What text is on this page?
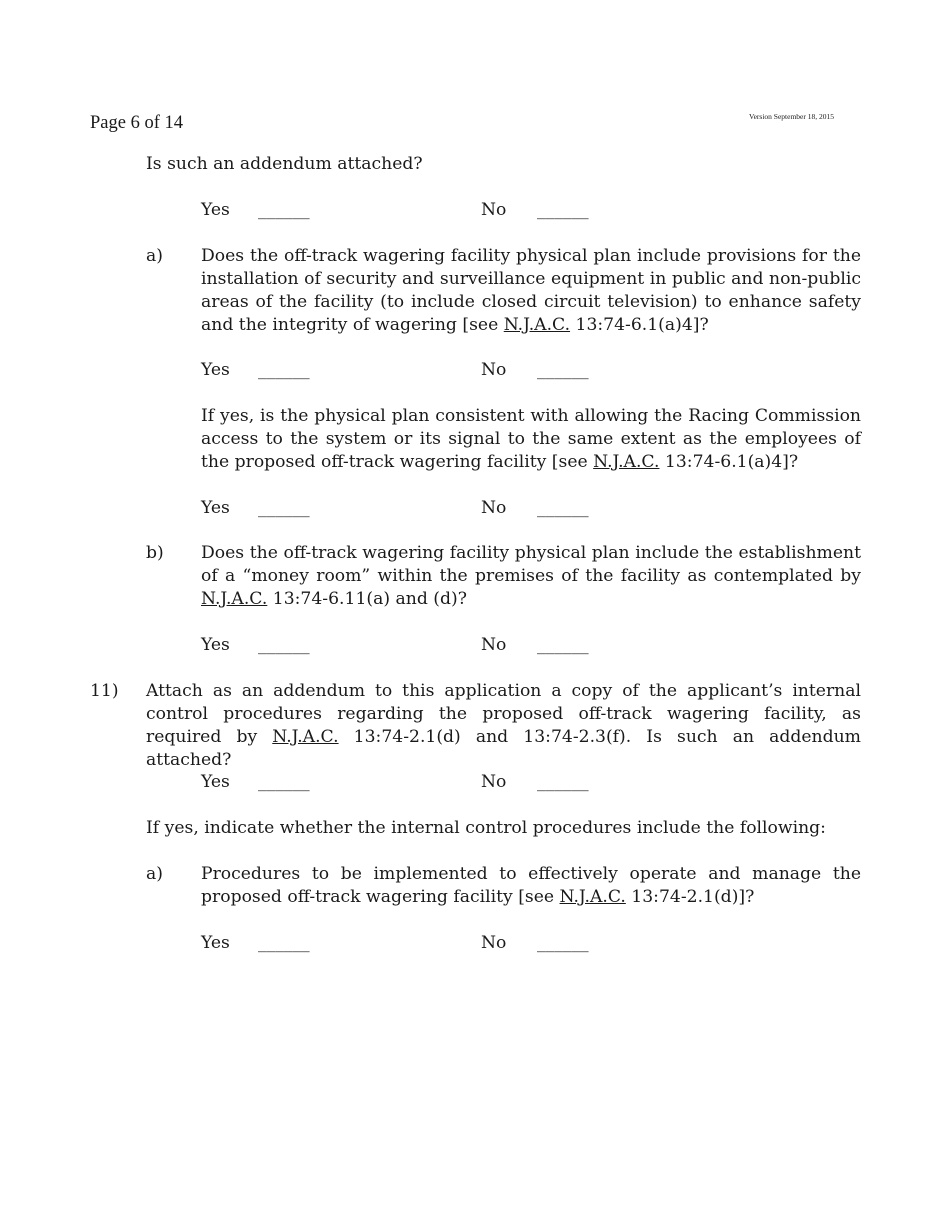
Page 6 of 14	Version September 18, 2015

Is such an addendum attached?

Yes ______	No ______
a)	Does the off-track wagering facility physical plan include provisions for the installation of security and surveillance equipment in public and non-public areas of the facility (to include closed circuit television) to enhance safety and the integrity of wagering [see N.J.A.C. 13:74-6.1(a)4]?

Yes ______	No ______

If yes, is the physical plan consistent with allowing the Racing Commission access to the system or its signal to the same extent as the employees of the proposed off-track wagering facility [see N.J.A.C. 13:74-6.1(a)4]?

Yes ______	No ______
b)	Does the off-track wagering facility physical plan include the establishment of a “money room” within the premises of the facility as contemplated by N.J.A.C. 13:74-6.11(a) and (d)?

Yes ______	No ______
11)	Attach as an addendum to this application a copy of the applicant’s internal control procedures regarding the proposed off-track wagering facility, as required by N.J.A.C. 13:74-2.1(d) and 13:74-2.3(f). Is such an addendum attached?

Yes ______	No ______

If yes, indicate whether the internal control procedures include the following:

a)	Procedures to be implemented to effectively operate and manage the proposed off-track wagering facility [see N.J.A.C. 13:74-2.1(d)]?

Yes ______	No ______
